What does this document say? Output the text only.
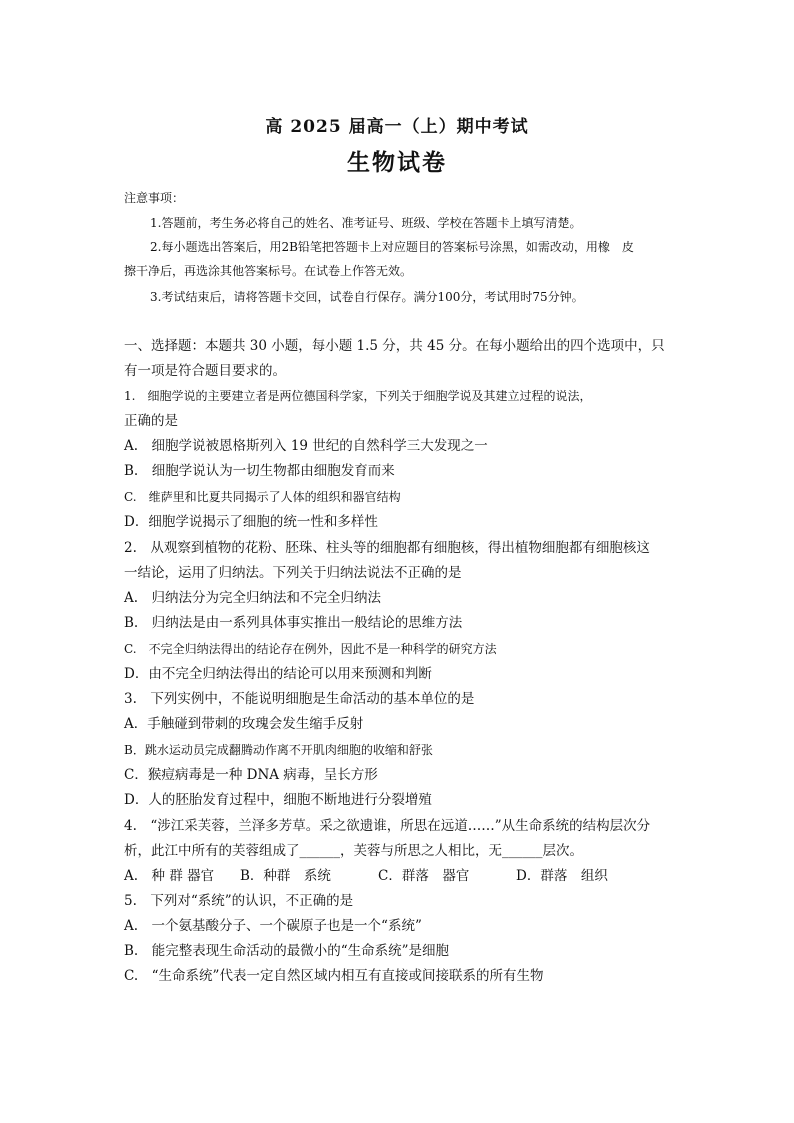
高 2025 届高一（上）期中考试
生物试卷
注意事项：
1.答题前，考生务必将自己的姓名、准考证号、班级、学校在答题卡上填写清楚。
2.每小题选出答案后，用2B铅笔把答题卡上对应题目的答案标号涂黑，如需改动，用橡　皮
擦干净后，再选涂其他答案标号。在试卷上作答无效。
3.考试结束后，请将答题卡交回，试卷自行保存。满分100分，考试用时75分钟。
一、选择题：本题共 30 小题，每小题 1.5 分，共 45 分。在每小题给出的四个选项中，只
有一项是符合题目要求的。
1.　细胞学说的主要建立者是两位德国科学家，下列关于细胞学说及其建立过程的说法，
正确的是
A.　细胞学说被恩格斯列入 19 世纪的自然科学三大发现之一
B.　细胞学说认为一切生物都由细胞发育而来
C.　维萨里和比夏共同揭示了人体的组织和器官结构
D．细胞学说揭示了细胞的统一性和多样性
2.　从观察到植物的花粉、胚珠、柱头等的细胞都有细胞核，得出植物细胞都有细胞核这
一结论，运用了归纳法。下列关于归纳法说法不正确的是
A.　归纳法分为完全归纳法和不完全归纳法
B.　归纳法是由一系列具体事实推出一般结论的思维方法
C.　不完全归纳法得出的结论存在例外，因此不是一种科学的研究方法
D．由不完全归纳法得出的结论可以用来预测和判断
3.　下列实例中，不能说明细胞是生命活动的基本单位的是
A．手触碰到带刺的玫瑰会发生缩手反射
B．跳水运动员完成翻腾动作离不开肌肉细胞的收缩和舒张
C．猴痘病毒是一种 DNA 病毒，呈长方形
D．人的胚胎发育过程中，细胞不断地进行分裂增殖
4.　“涉江采芙蓉，兰泽多芳草。采之欲遗谁，所思在远道……”从生命系统的结构层次分
析，此江中所有的芙蓉组成了______，芙蓉与所思之人相比，无______层次。
A.　种 群 器官 B．种群　系统	C．群落　器官	D．群落　组织
5.　下列对“系统”的认识，不正确的是
A.　一个氨基酸分子、一个碳原子也是一个“系统”
B.　能完整表现生命活动的最微小的“生命系统”是细胞
C.　“生命系统”代表一定自然区域内相互有直接或间接联系的所有生物
